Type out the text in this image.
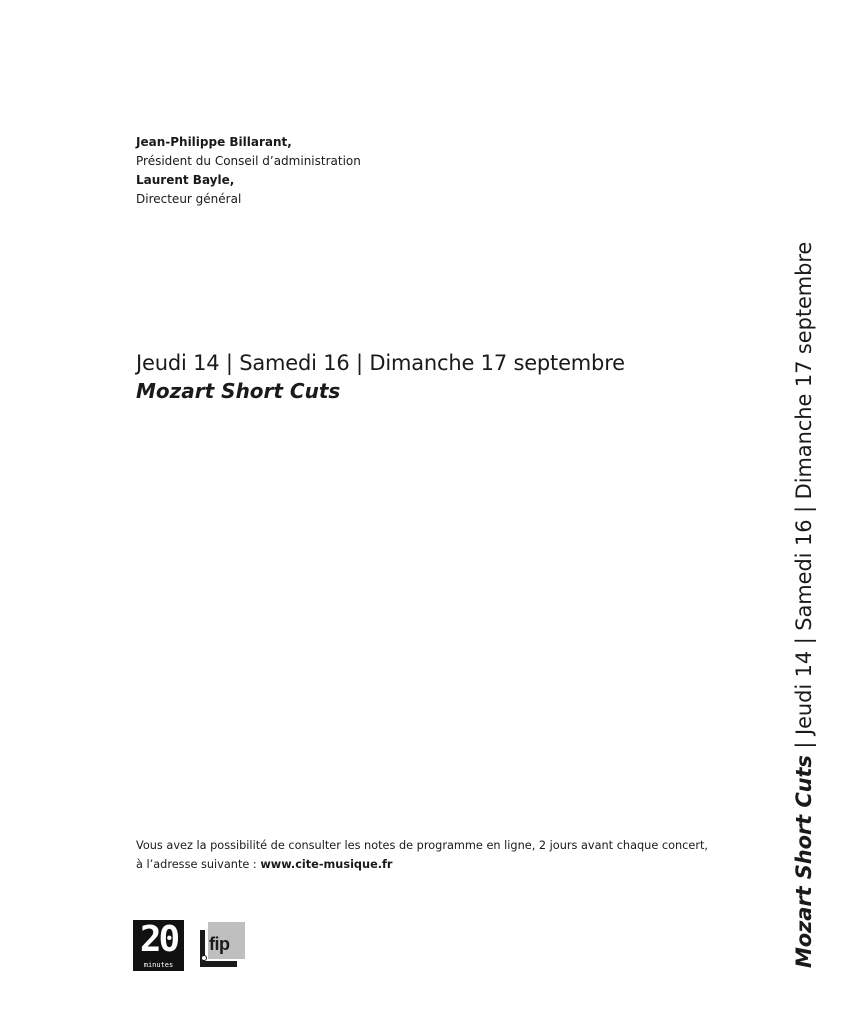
Jean-Philippe Billarant,
Président du Conseil d’administration
Laurent Bayle,
Directeur général
Jeudi 14 | Samedi 16 | Dimanche 17 septembre
Mozart Short Cuts
Mozart Short Cuts | Jeudi 14 | Samedi 16 | Dimanche 17 septembre
Vous avez la possibilité de consulter les notes de programme en ligne, 2 jours avant chaque concert,
à l’adresse suivante : www.cite-musique.fr
20
minutes
fip
